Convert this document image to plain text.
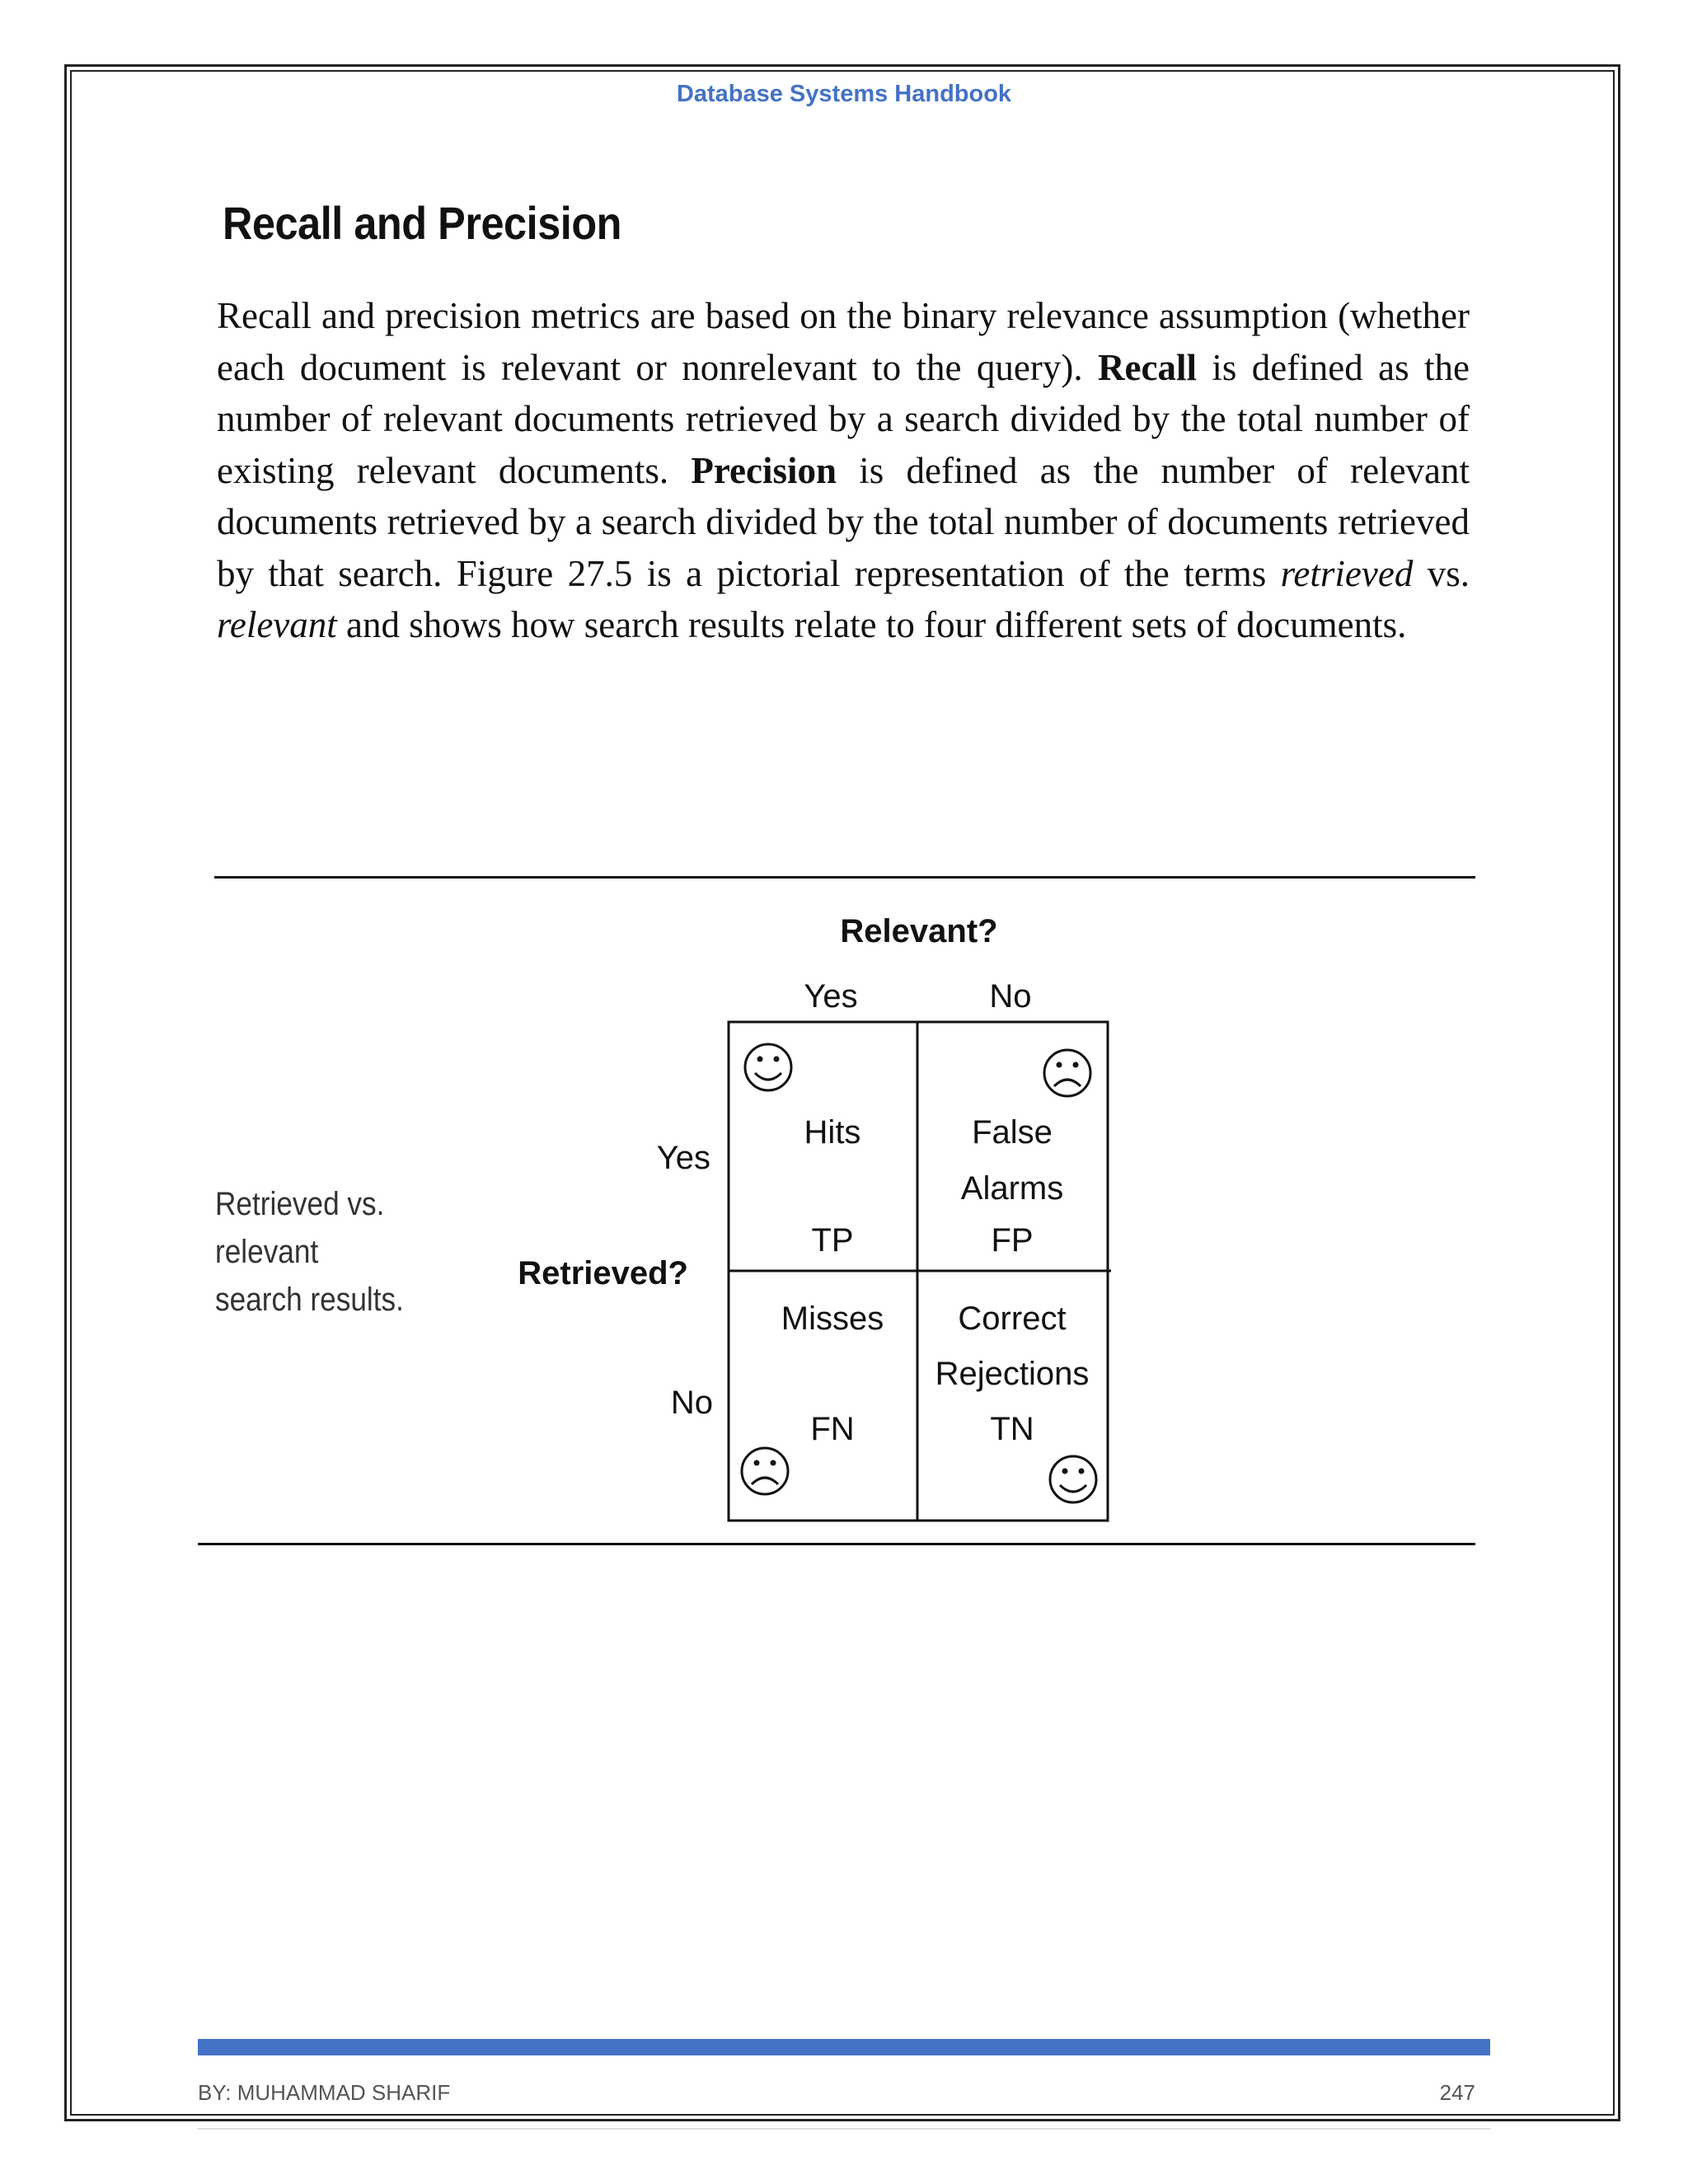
Database Systems Handbook
Recall and Precision

Recall and precision metrics are based on the binary relevance assumption (whether each document is relevant or nonrelevant to the query). Recall is defined as the number of relevant documents retrieved by a search divided by the total number of existing relevant documents. Precision is defined as the number of relevant documents retrieved by a search divided by the total number of documents retrieved by that search. Figure 27.5 is a pictorial representation of the terms retrieved vs. relevant and shows how search results relate to four different sets of documents.

Retrieved vs. relevant
search results.
Relevant?
Yes	No
Yes
Retrieved?
No
Hits
TP
False
Alarms
FP
Misses
FN
Correct
Rejections
TN
BY: MUHAMMAD SHARIF	247
